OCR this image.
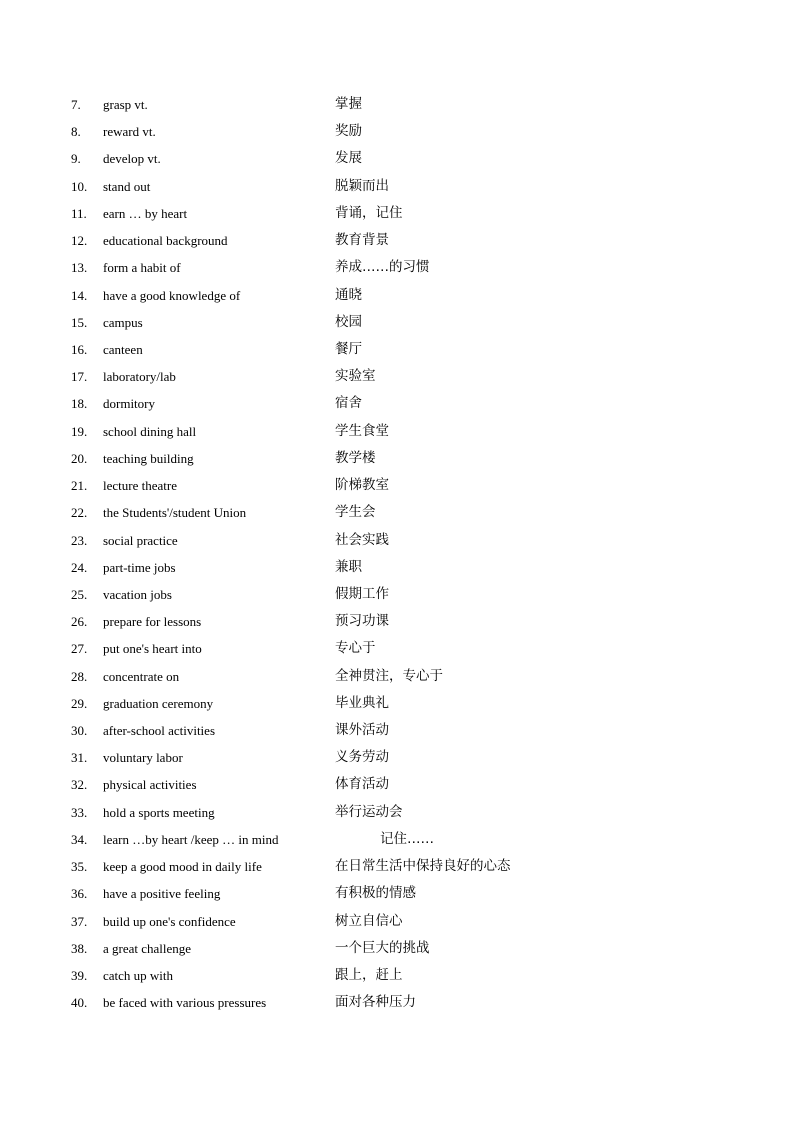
7. grasp vt.	掌握
8. reward vt.	奖励
9. develop vt.	发展
10. stand out	脱颖而出
11. earn … by heart	背诵，记住
12. educational background	教育背景
13. form a habit of	养成……的习惯
14. have a good knowledge of	通晓
15. campus	校园
16. canteen	餐厅
17. laboratory/lab	实验室
18. dormitory	宿舍
19. school dining hall	学生食堂
20. teaching building	教学楼
21. lecture theatre	阶梯教室
22. the Students'/student Union	学生会
23. social practice	社会实践
24. part-time jobs	兼职
25. vacation jobs	假期工作
26. prepare for lessons	预习功课
27. put one's heart into	专心于
28. concentrate on	全神贯注，专心于
29. graduation ceremony	毕业典礼
30. after-school activities	课外活动
31. voluntary labor	义务劳动
32. physical activities	体育活动
33. hold a sports meeting	举行运动会
34. learn …by heart /keep … in mind	记住……
35. keep a good mood in daily life	在日常生活中保持良好的心态
36. have a positive feeling	有积极的情感
37. build up one's confidence	树立自信心
38. a great challenge	一个巨大的挑战
39. catch up with	跟上，赶上
40. be faced with various pressures	面对各种压力
